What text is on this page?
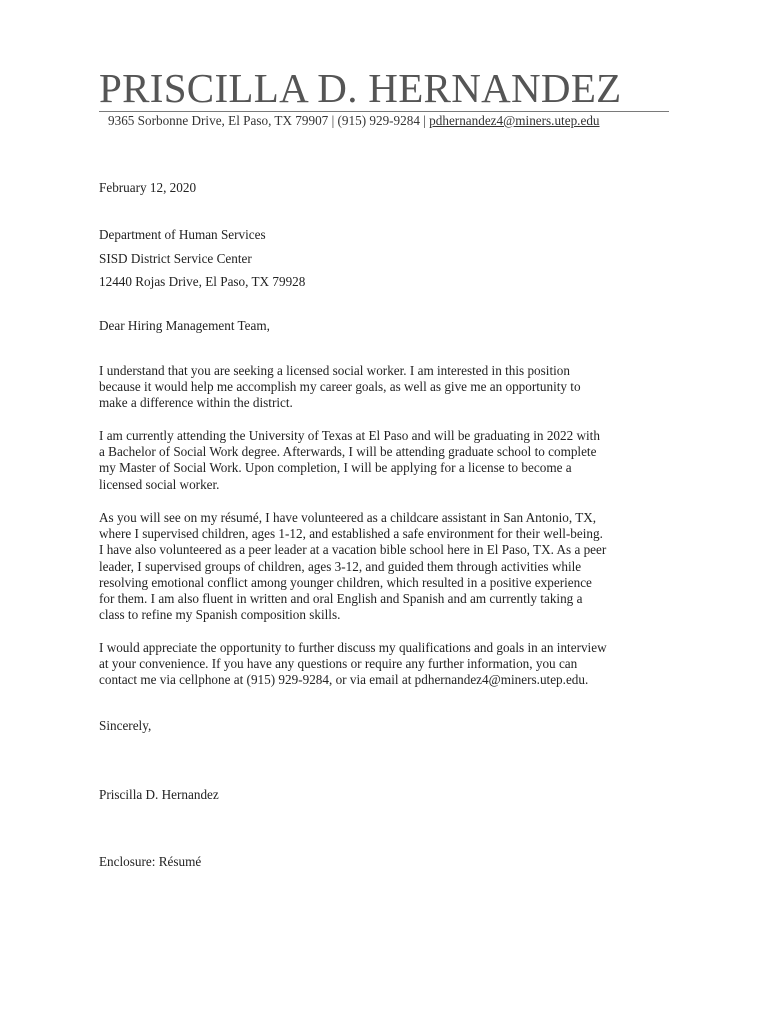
PRISCILLA D. HERNANDEZ
9365 Sorbonne Drive, El Paso, TX 79907 | (915) 929-9284 | pdhernandez4@miners.utep.edu
February 12, 2020
Department of Human Services
SISD District Service Center
12440 Rojas Drive, El Paso, TX 79928
Dear Hiring Management Team,
I understand that you are seeking a licensed social worker. I am interested in this position
because it would help me accomplish my career goals, as well as give me an opportunity to
make a difference within the district.
I am currently attending the University of Texas at El Paso and will be graduating in 2022 with
a Bachelor of Social Work degree. Afterwards, I will be attending graduate school to complete
my Master of Social Work. Upon completion, I will be applying for a license to become a
licensed social worker.
As you will see on my résumé, I have volunteered as a childcare assistant in San Antonio, TX,
where I supervised children, ages 1-12, and established a safe environment for their well-being.
I have also volunteered as a peer leader at a vacation bible school here in El Paso, TX. As a peer
leader, I supervised groups of children, ages 3-12, and guided them through activities while
resolving emotional conflict among younger children, which resulted in a positive experience
for them. I am also fluent in written and oral English and Spanish and am currently taking a
class to refine my Spanish composition skills.
I would appreciate the opportunity to further discuss my qualifications and goals in an interview
at your convenience. If you have any questions or require any further information, you can
contact me via cellphone at (915) 929-9284, or via email at pdhernandez4@miners.utep.edu.
Sincerely,
Priscilla D. Hernandez
Enclosure: Résumé
